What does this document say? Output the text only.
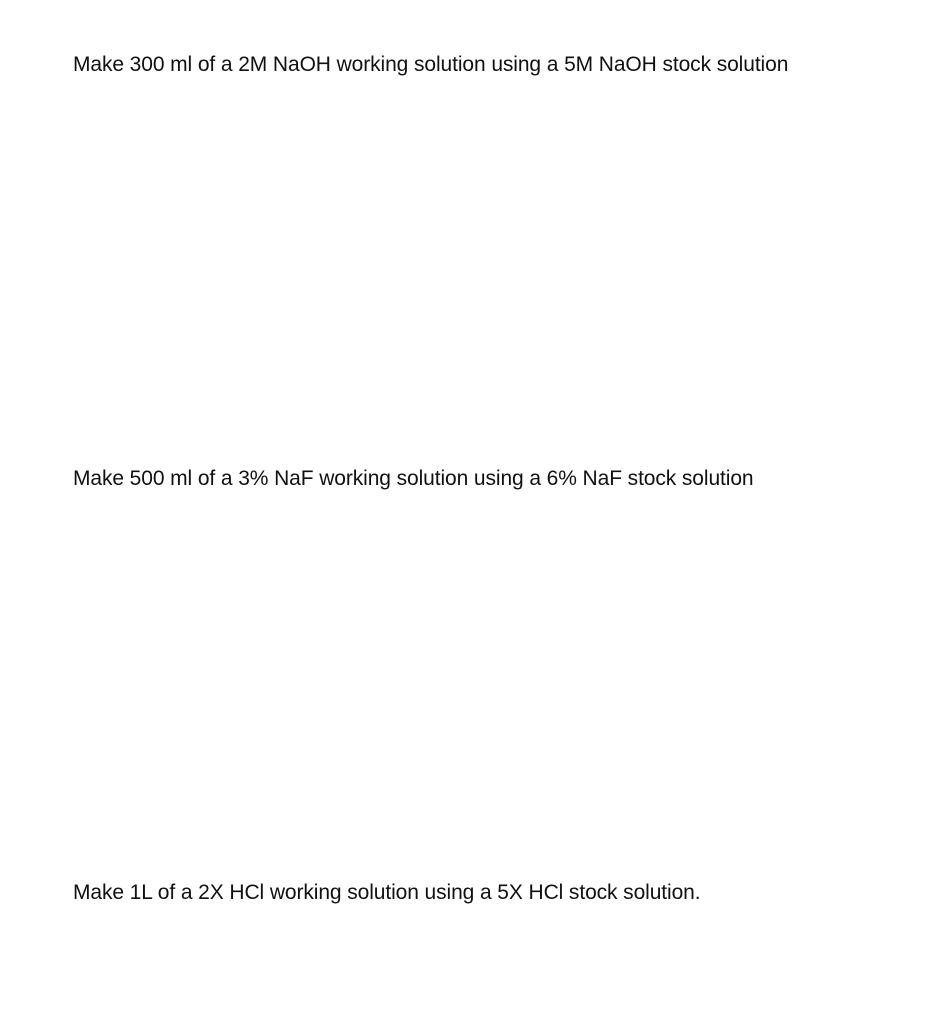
Make 300 ml of a 2M NaOH working solution using a 5M NaOH stock solution

Make 500 ml of a 3% NaF working solution using a 6% NaF stock solution

Make 1L of a 2X HCl working solution using a 5X HCl stock solution.
